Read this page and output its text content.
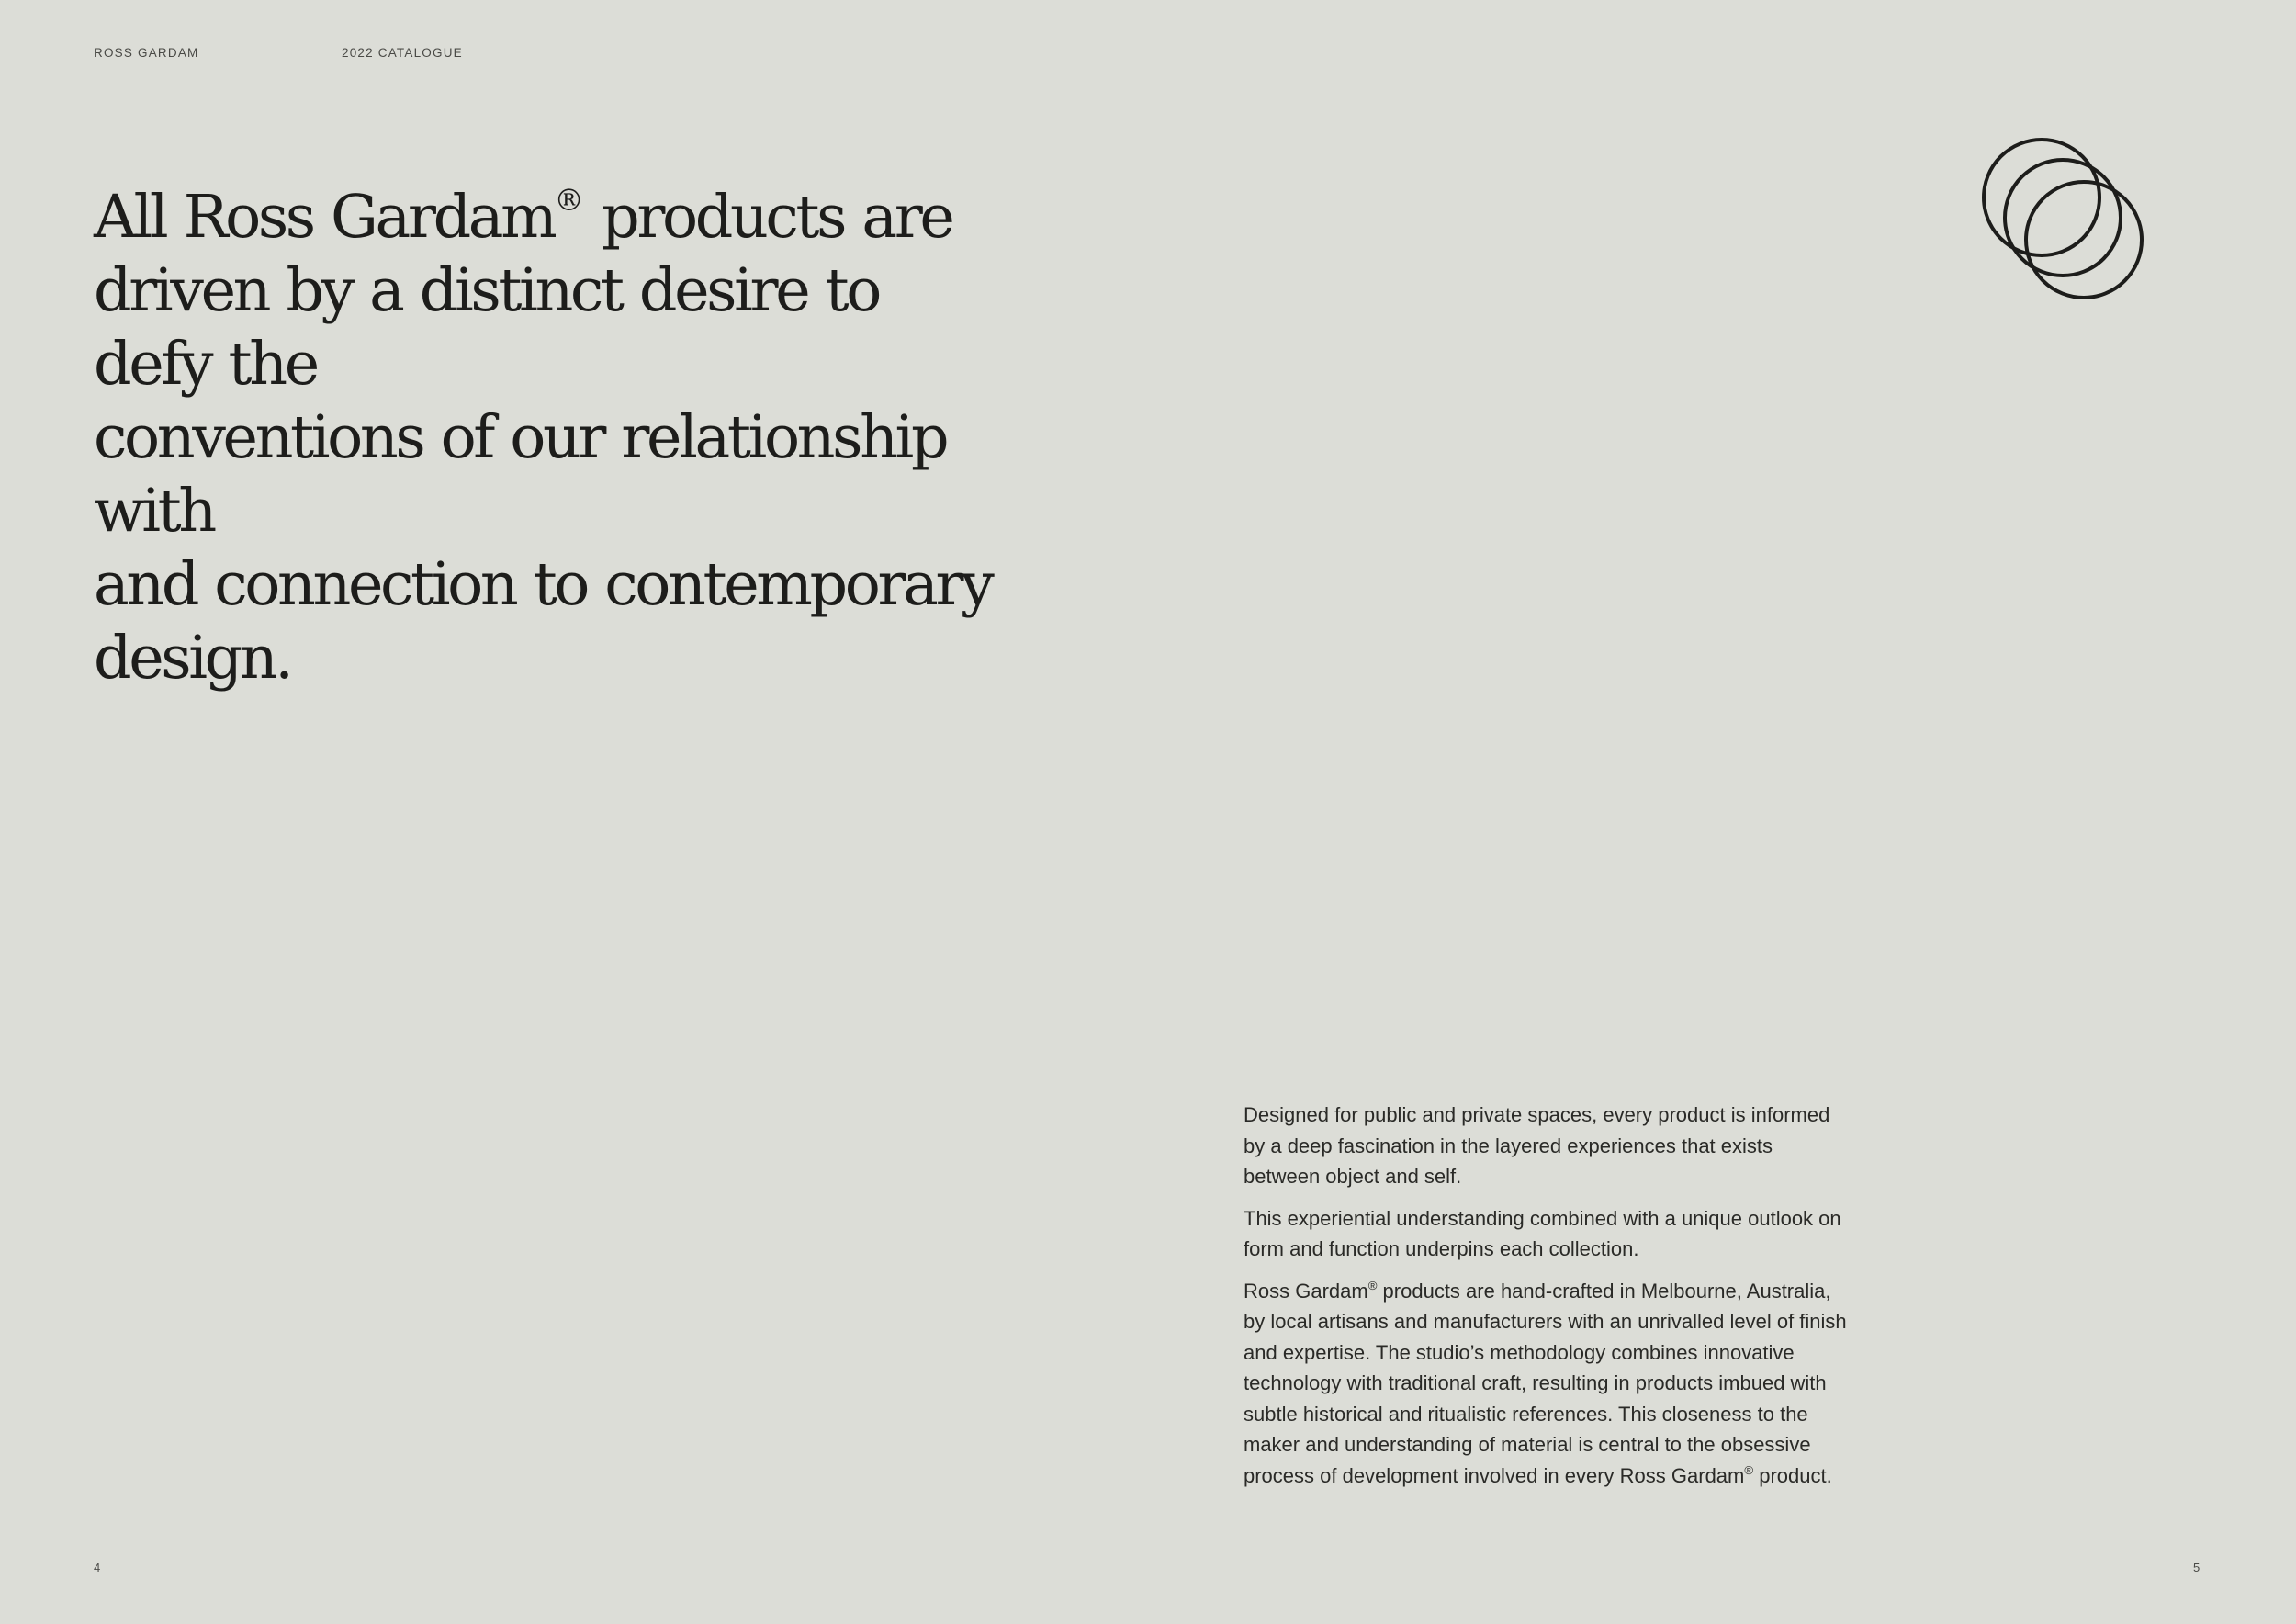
ROSS GARDAM	2022 CATALOGUE
All Ross Gardam® products are
driven by a distinct desire to defy the
conventions of our relationship with
and connection to contemporary
design.

Designed for public and private spaces, every product is informed by a deep fascination in the layered experiences that exists between object and self.

This experiential understanding combined with a unique outlook on form and function underpins each collection.

Ross Gardam® products are hand-crafted in Melbourne, Australia, by local artisans and manufacturers with an unrivalled level of finish and expertise. The studio’s methodology combines innovative technology with traditional craft, resulting in products imbued with subtle historical and ritualistic references. This closeness to the maker and understanding of material is central to the obsessive process of development involved in every Ross Gardam® product.

4	5
